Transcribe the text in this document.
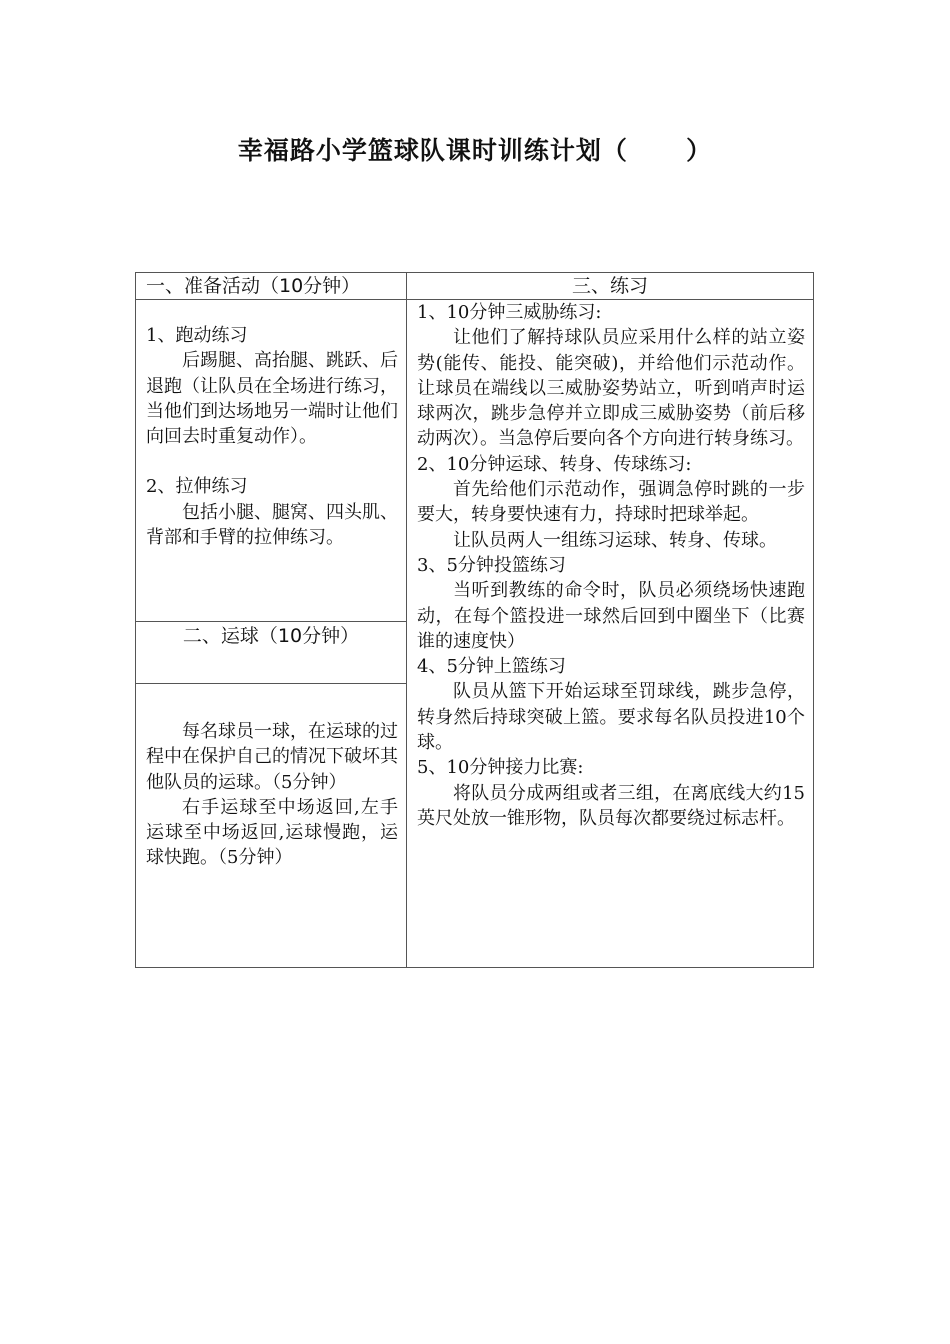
幸福路小学篮球队课时训练计划（      ）
一、准备活动（10分钟）	三、练习

1、跑动练习

后踢腿、高抬腿、跳跃、后退跑（让队员在全场进行练习，当他们到达场地另一端时让他们向回去时重复动作）。

2、拉伸练习

包括小腿、腿窝、四头肌、背部和手臂的拉伸练习。

二、运球（10分钟）

每名球员一球，在运球的过程中在保护自己的情况下破坏其他队员的运球。（5分钟）

右手运球至中场返回,左手运球至中场返回,运球慢跑，运球快跑。（5分钟）

1、10分钟三威胁练习:

让他们了解持球队员应采用什么样的站立姿势(能传、能投、能突破)，并给他们示范动作。让球员在端线以三威胁姿势站立，听到哨声时运球两次，跳步急停并立即成三威胁姿势（前后移动两次）。当急停后要向各个方向进行转身练习。

2、10分钟运球、转身、传球练习:

首先给他们示范动作，强调急停时跳的一步要大，转身要快速有力，持球时把球举起。

让队员两人一组练习运球、转身、传球。

3、5分钟投篮练习

当听到教练的命令时，队员必须绕场快速跑动，在每个篮投进一球然后回到中圈坐下（比赛谁的速度快）

4、5分钟上篮练习

队员从篮下开始运球至罚球线，跳步急停，转身然后持球突破上篮。要求每名队员投进10个球。

5、10分钟接力比赛:

将队员分成两组或者三组，在离底线大约15英尺处放一锥形物，队员每次都要绕过标志杆。
